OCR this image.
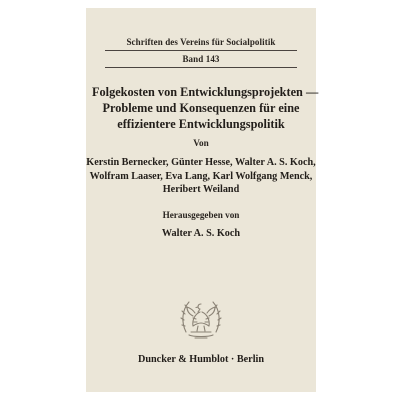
Schriften des Vereins für Socialpolitik
Band 143
Folgekosten von Entwicklungsprojekten —
Probleme und Konsequenzen für eine
effizientere Entwicklungspolitik
Von
Kerstin Bernecker, Günter Hesse, Walter A. S. Koch,
Wolfram Laaser, Eva Lang, Karl Wolfgang Menck,
Heribert Weiland
Herausgegeben von
Walter A. S. Koch
Duncker & Humblot · Berlin
